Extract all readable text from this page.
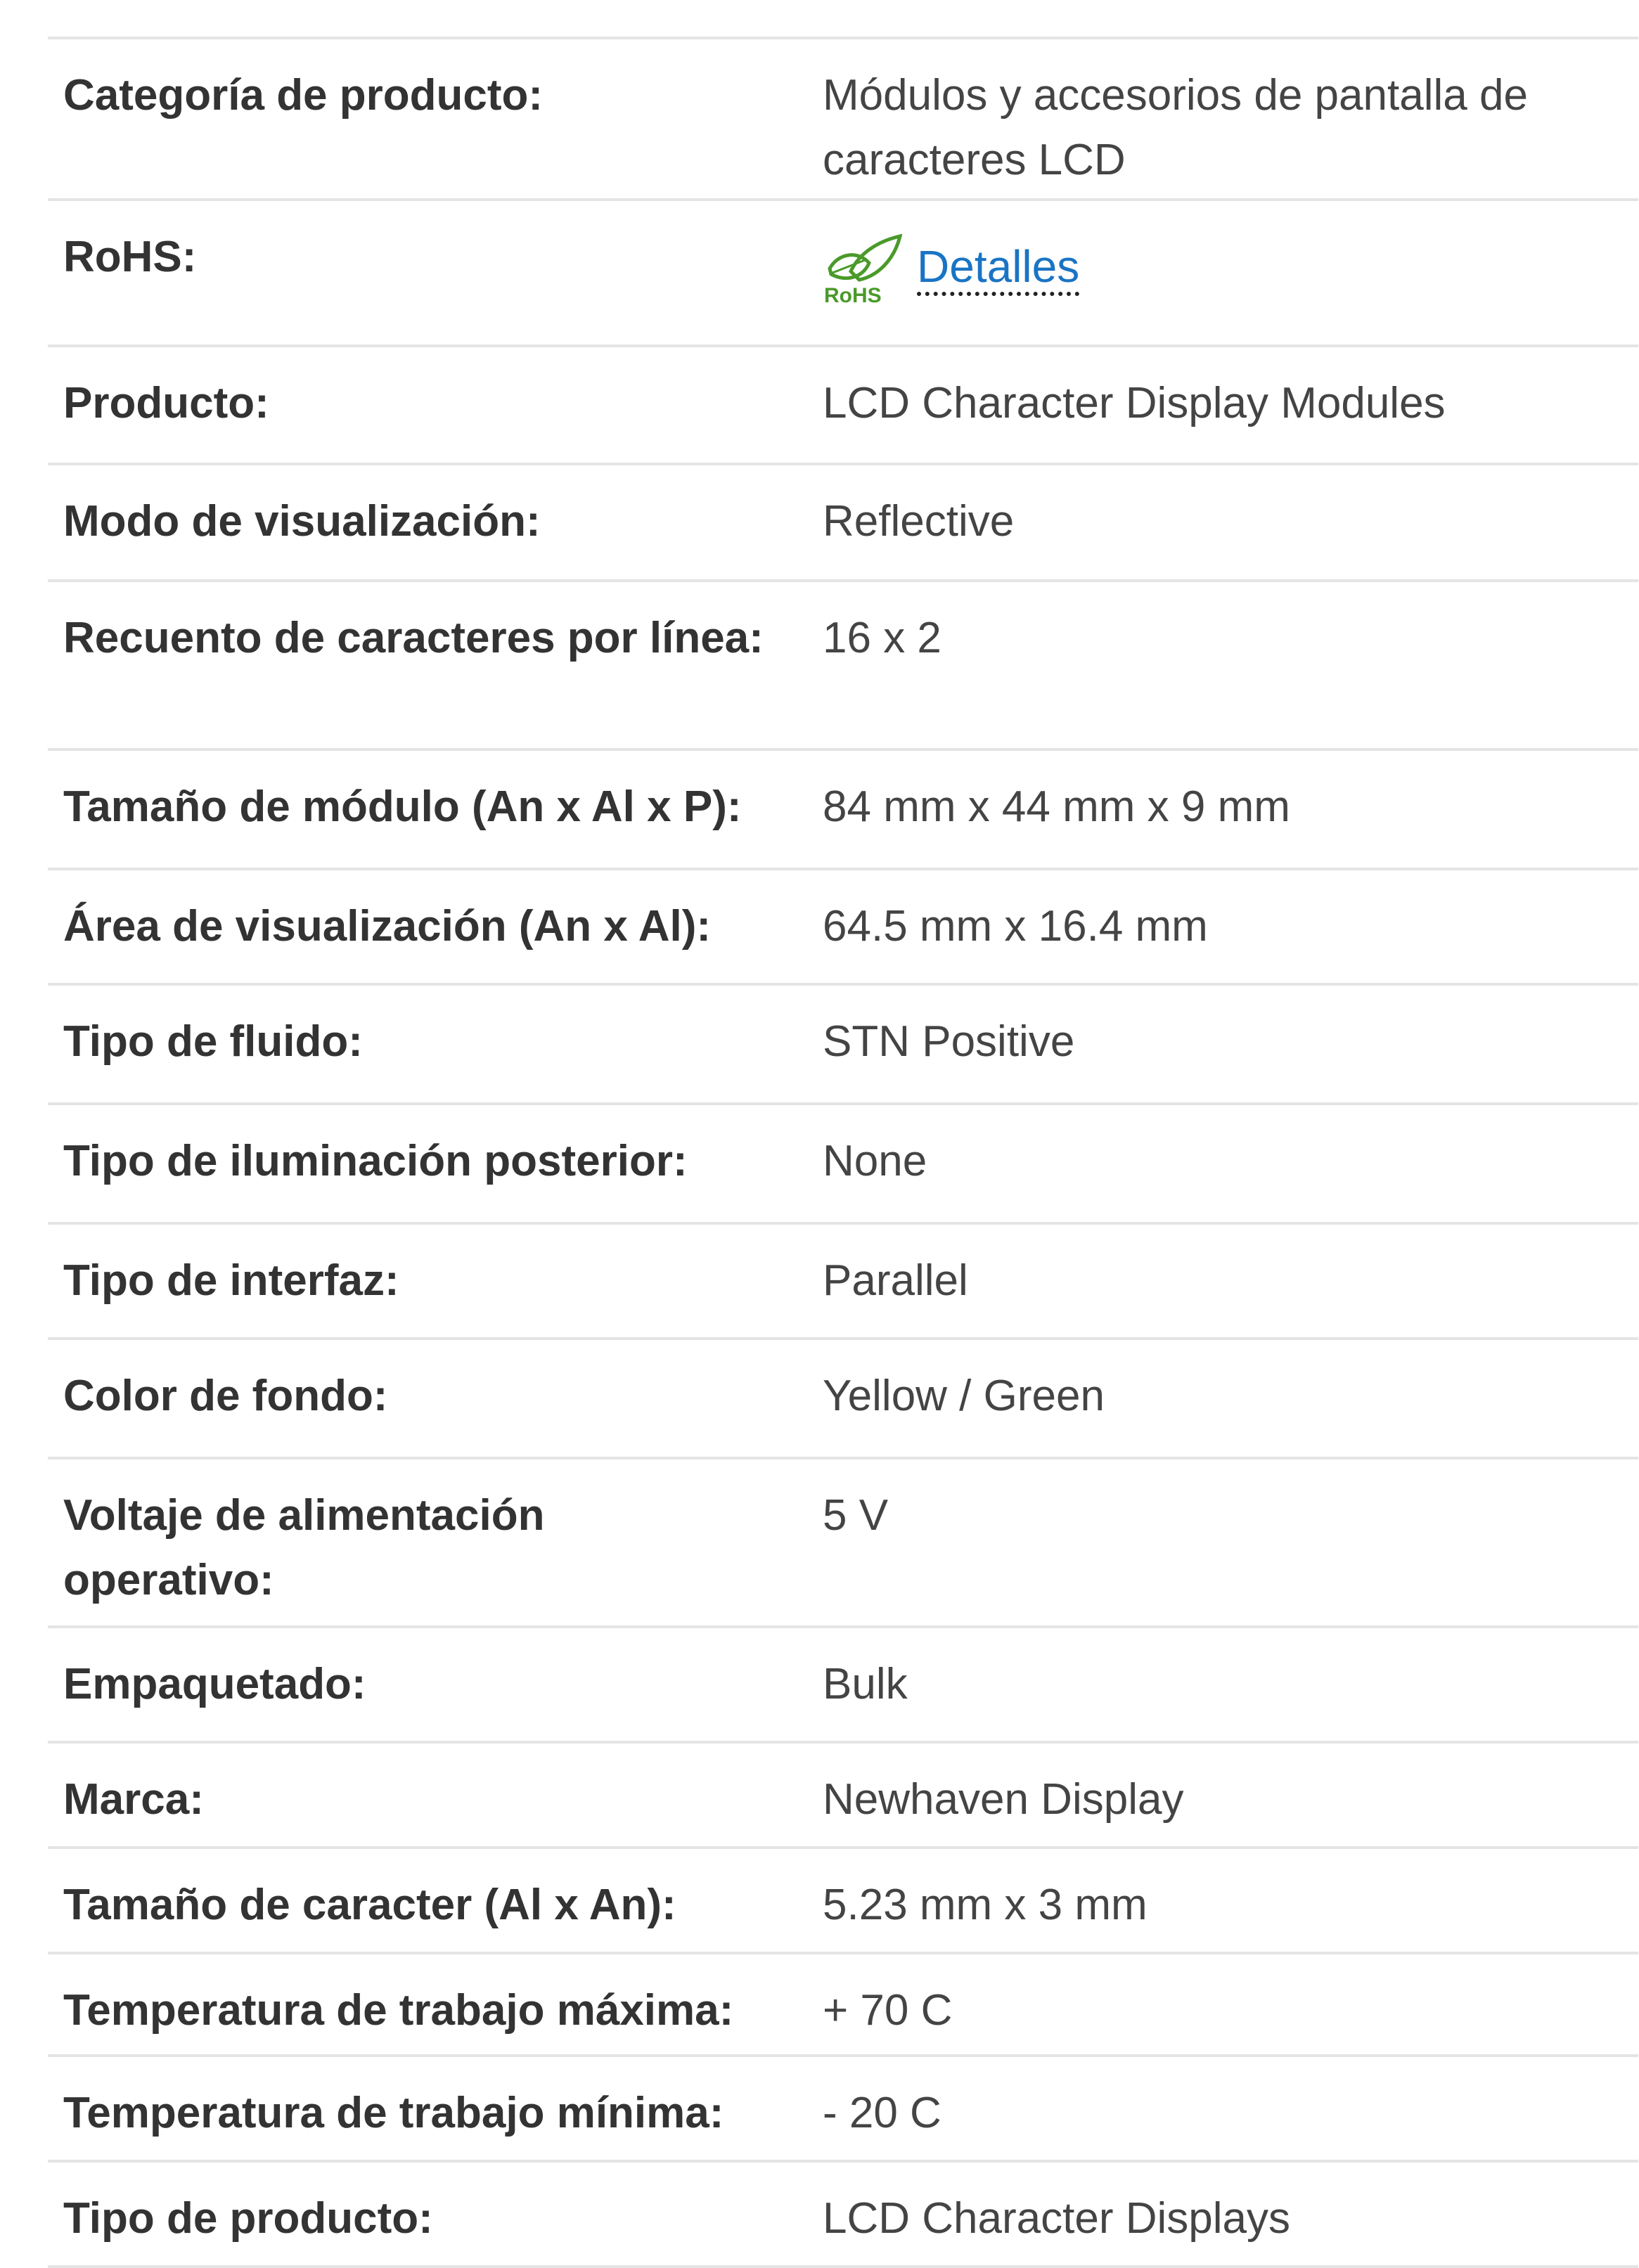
Categoría de producto:	Módulos y accesorios de pantalla de caracteres LCD
RoHS:
RoHS
Detalles
Producto:	LCD Character Display Modules
Modo de visualización:	Reflective
Recuento de caracteres por línea:	16 x 2
Tamaño de módulo (An x Al x P):	84 mm x 44 mm x 9 mm
Área de visualización (An x Al):	64.5 mm x 16.4 mm
Tipo de fluido:	STN Positive
Tipo de iluminación posterior:	None
Tipo de interfaz:	Parallel
Color de fondo:	Yellow / Green
Voltaje de alimentación operativo:
5 V
Empaquetado:	Bulk
Marca:	Newhaven Display
Tamaño de caracter (Al x An):	5.23 mm x 3 mm
Temperatura de trabajo máxima:	+ 70 C
Temperatura de trabajo mínima:	- 20 C
Tipo de producto:	LCD Character Displays
